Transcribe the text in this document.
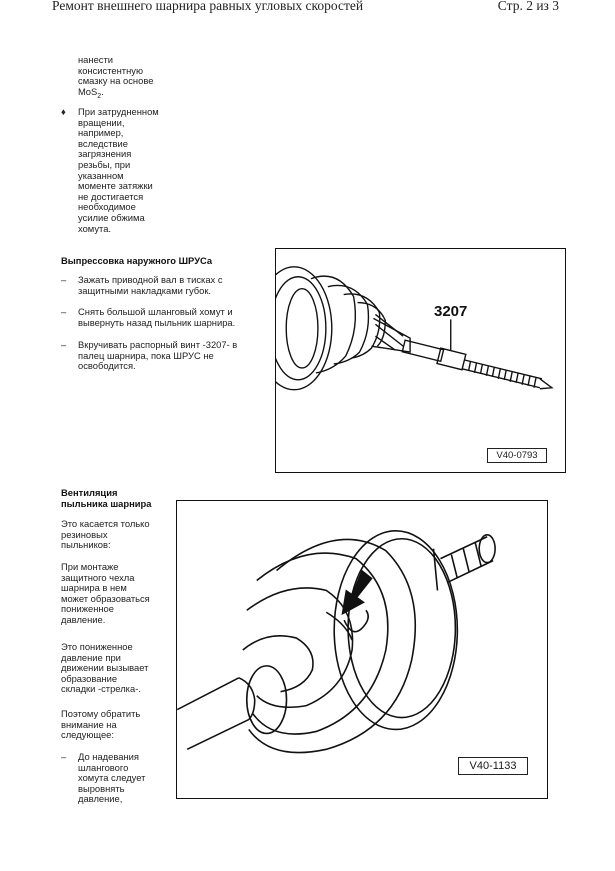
Ремонт внешнего шарнира равных угловых скоростей	Стр. 2 из 3

нанести

консистентную

смазку на основе

MoS$_2$.

♦	При затрудненном

вращении,

например,

вследствие

загрязнения

резьбы, при

указанном

моменте затяжки

не достигается

необходимое

усилие обжима

хомута.

Выпрессовка наружного ШРУСа
–	Зажать приводной вал в тисках с

защитными накладками губок.

–	Снять большой шланговый хомут и

вывернуть назад пыльник шарнира.

–	Вкручивать распорный винт -3207- в

палец шарнира, пока ШРУС не

освободится.

3207
V40-0793
Вентиляция
пыльника шарнира

Это касается только

резиновых

пыльников:

При монтаже

защитного чехла

шарнира в нем

может образоваться

пониженное

давление.

Это пониженное

давление при

движении вызывает

образование

складки -стрелка-.

Поэтому обратить

внимание на

следующее:

–	До надевания

шлангового

хомута следует

выровнять

давление,

V40-1133
